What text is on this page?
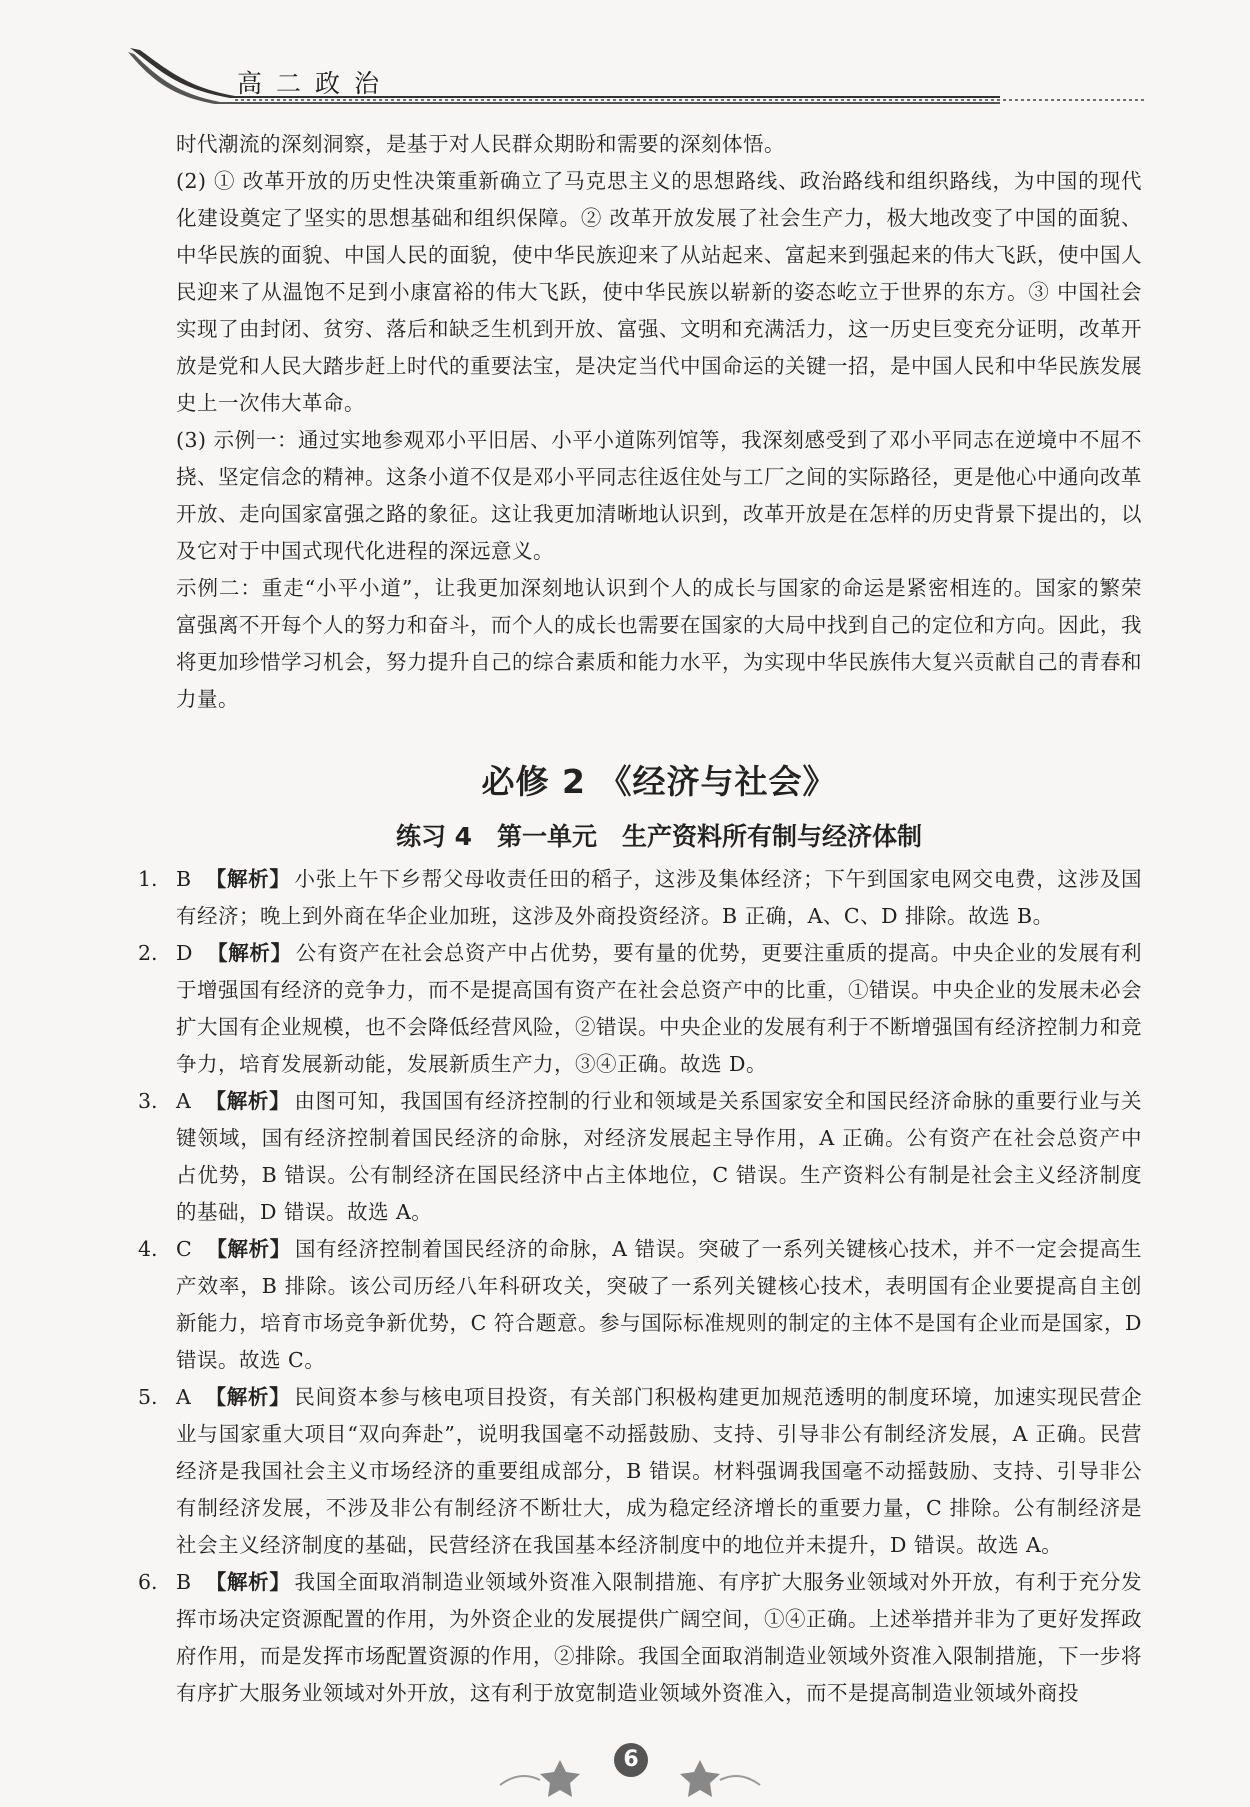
高二政治

时代潮流的深刻洞察，是基于对人民群众期盼和需要的深刻体悟。

(2) ① 改革开放的历史性决策重新确立了马克思主义的思想路线、政治路线和组织路线，为中国的现代化建设奠定了坚实的思想基础和组织保障。② 改革开放发展了社会生产力，极大地改变了中国的面貌、中华民族的面貌、中国人民的面貌，使中华民族迎来了从站起来、富起来到强起来的伟大飞跃，使中国人民迎来了从温饱不足到小康富裕的伟大飞跃，使中华民族以崭新的姿态屹立于世界的东方。③ 中国社会实现了由封闭、贫穷、落后和缺乏生机到开放、富强、文明和充满活力，这一历史巨变充分证明，改革开放是党和人民大踏步赶上时代的重要法宝，是决定当代中国命运的关键一招，是中国人民和中华民族发展史上一次伟大革命。

(3) 示例一：通过实地参观邓小平旧居、小平小道陈列馆等，我深刻感受到了邓小平同志在逆境中不屈不挠、坚定信念的精神。这条小道不仅是邓小平同志往返住处与工厂之间的实际路径，更是他心中通向改革开放、走向国家富强之路的象征。这让我更加清晰地认识到，改革开放是在怎样的历史背景下提出的，以及它对于中国式现代化进程的深远意义。

示例二：重走“小平小道”，让我更加深刻地认识到个人的成长与国家的命运是紧密相连的。国家的繁荣富强离不开每个人的努力和奋斗，而个人的成长也需要在国家的大局中找到自己的定位和方向。因此，我将更加珍惜学习机会，努力提升自己的综合素质和能力水平，为实现中华民族伟大复兴贡献自己的青春和力量。

必修 2 《经济与社会》
练习 4　第一单元　生产资料所有制与经济体制
1. B 【解析】 小张上午下乡帮父母收责任田的稻子，这涉及集体经济；下午到国家电网交电费，这涉及国有经济；晚上到外商在华企业加班，这涉及外商投资经济。B 正确，A、C、D 排除。故选 B。
2. D 【解析】 公有资产在社会总资产中占优势，要有量的优势，更要注重质的提高。中央企业的发展有利于增强国有经济的竞争力，而不是提高国有资产在社会总资产中的比重，①错误。中央企业的发展未必会扩大国有企业规模，也不会降低经营风险，②错误。中央企业的发展有利于不断增强国有经济控制力和竞争力，培育发展新动能，发展新质生产力，③④正确。故选 D。
3. A 【解析】 由图可知，我国国有经济控制的行业和领域是关系国家安全和国民经济命脉的重要行业与关键领域，国有经济控制着国民经济的命脉，对经济发展起主导作用，A 正确。公有资产在社会总资产中占优势，B 错误。公有制经济在国民经济中占主体地位，C 错误。生产资料公有制是社会主义经济制度的基础，D 错误。故选 A。
4. C 【解析】 国有经济控制着国民经济的命脉，A 错误。突破了一系列关键核心技术，并不一定会提高生产效率，B 排除。该公司历经八年科研攻关，突破了一系列关键核心技术，表明国有企业要提高自主创新能力，培育市场竞争新优势，C 符合题意。参与国际标准规则的制定的主体不是国有企业而是国家，D 错误。故选 C。
5. A 【解析】 民间资本参与核电项目投资，有关部门积极构建更加规范透明的制度环境，加速实现民营企业与国家重大项目“双向奔赴”，说明我国毫不动摇鼓励、支持、引导非公有制经济发展，A 正确。民营经济是我国社会主义市场经济的重要组成部分，B 错误。材料强调我国毫不动摇鼓励、支持、引导非公有制经济发展，不涉及非公有制经济不断壮大，成为稳定经济增长的重要力量，C 排除。公有制经济是社会主义经济制度的基础，民营经济在我国基本经济制度中的地位并未提升，D 错误。故选 A。
6. B 【解析】 我国全面取消制造业领域外资准入限制措施、有序扩大服务业领域对外开放，有利于充分发挥市场决定资源配置的作用，为外资企业的发展提供广阔空间，①④正确。上述举措并非为了更好发挥政府作用，而是发挥市场配置资源的作用，②排除。我国全面取消制造业领域外资准入限制措施，下一步将有序扩大服务业领域对外开放，这有利于放宽制造业领域外资准入，而不是提高制造业领域外商投
6
